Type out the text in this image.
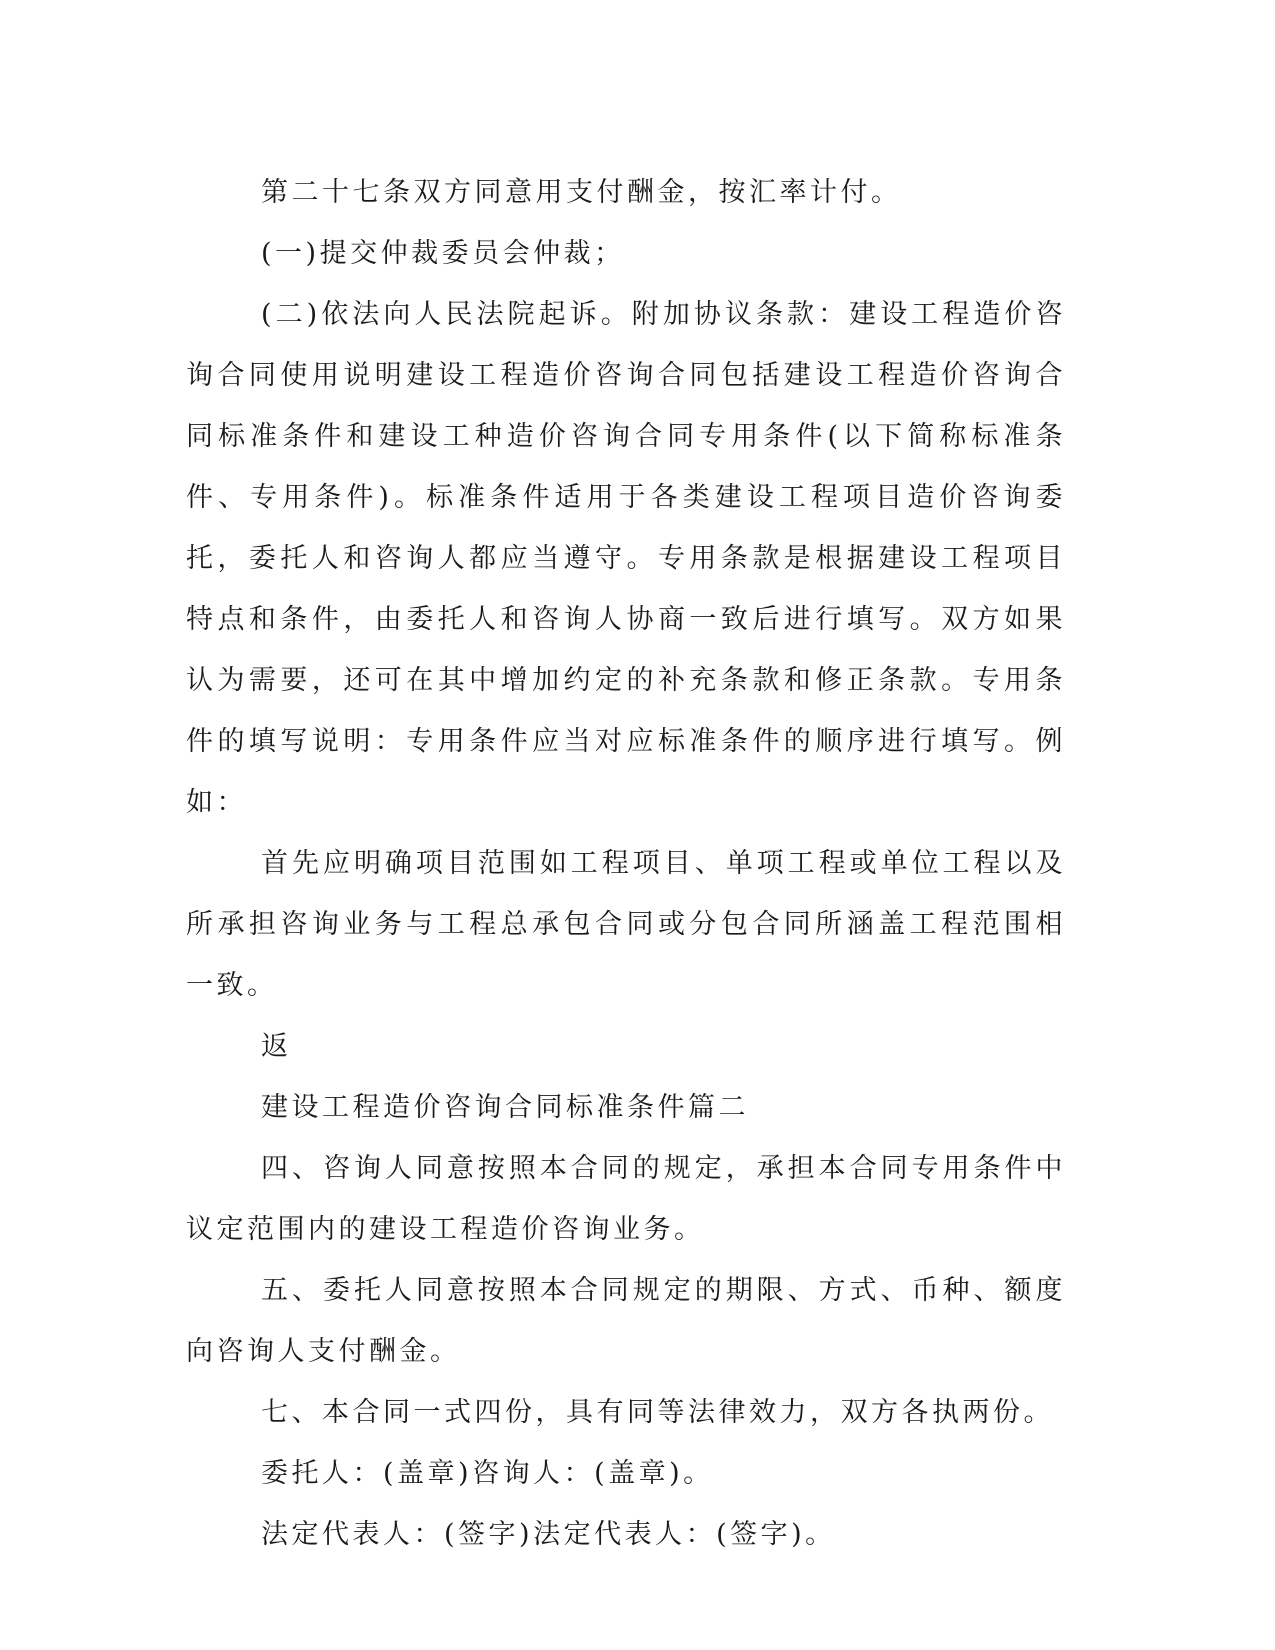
第二十七条双方同意用支付酬金，按汇率计付。

(一)提交仲裁委员会仲裁；

(二)依法向人民法院起诉。附加协议条款：建设工程造价咨询合同使用说明建设工程造价咨询合同包括建设工程造价咨询合同标准条件和建设工种造价咨询合同专用条件(以下简称标准条件、专用条件)。标准条件适用于各类建设工程项目造价咨询委托，委托人和咨询人都应当遵守。专用条款是根据建设工程项目特点和条件，由委托人和咨询人协商一致后进行填写。双方如果认为需要，还可在其中增加约定的补充条款和修正条款。专用条件的填写说明：专用条件应当对应标准条件的顺序进行填写。例如：

首先应明确项目范围如工程项目、单项工程或单位工程以及所承担咨询业务与工程总承包合同或分包合同所涵盖工程范围相一致。

返

建设工程造价咨询合同标准条件篇二

四、咨询人同意按照本合同的规定，承担本合同专用条件中议定范围内的建设工程造价咨询业务。

五、委托人同意按照本合同规定的期限、方式、币种、额度向咨询人支付酬金。

七、本合同一式四份，具有同等法律效力，双方各执两份。

委托人：(盖章)咨询人：(盖章)。

法定代表人：(签字)法定代表人：(签字)。
